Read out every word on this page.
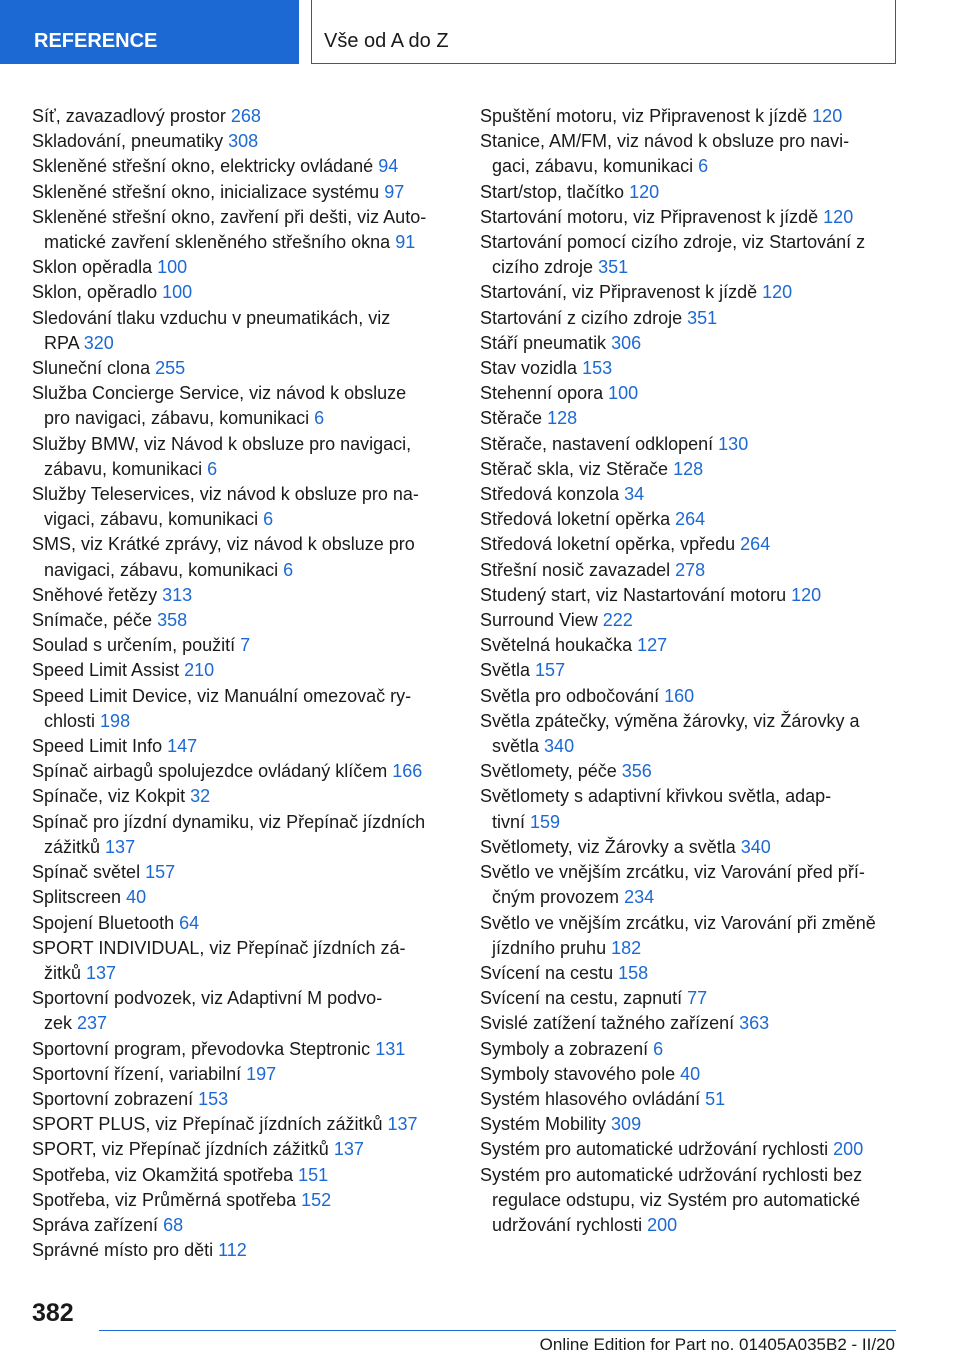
REFERENCE	Vše od A do Z
Síť, zavazadlový prostor 268
Skladování, pneumatiky 308
Skleněné střešní okno, elektricky ovládané 94
Skleněné střešní okno, inicializace systému 97
Skleněné střešní okno, zavření při dešti, viz Auto-
matické zavření skleněného střešního okna 91
Sklon opěradla 100
Sklon, opěradlo 100
Sledování tlaku vzduchu v pneumatikách, viz
RPA 320
Sluneční clona 255
Služba Concierge Service, viz návod k obsluze
pro navigaci, zábavu, komunikaci 6
Služby BMW, viz Návod k obsluze pro navigaci,
zábavu, komunikaci 6
Služby Teleservices, viz návod k obsluze pro na-
vigaci, zábavu, komunikaci 6
SMS, viz Krátké zprávy, viz návod k obsluze pro
navigaci, zábavu, komunikaci 6
Sněhové řetězy 313
Snímače, péče 358
Soulad s určením, použití 7
Speed Limit Assist 210
Speed Limit Device, viz Manuální omezovač ry-
chlosti 198
Speed Limit Info 147
Spínač airbagů spolujezdce ovládaný klíčem 166
Spínače, viz Kokpit 32
Spínač pro jízdní dynamiku, viz Přepínač jízdních
zážitků 137
Spínač světel 157
Splitscreen 40
Spojení Bluetooth 64
SPORT INDIVIDUAL, viz Přepínač jízdních zá-
žitků 137
Sportovní podvozek, viz Adaptivní M podvo-
zek 237
Sportovní program, převodovka Steptronic 131
Sportovní řízení, variabilní 197
Sportovní zobrazení 153
SPORT PLUS, viz Přepínač jízdních zážitků 137
SPORT, viz Přepínač jízdních zážitků 137
Spotřeba, viz Okamžitá spotřeba 151
Spotřeba, viz Průměrná spotřeba 152
Správa zařízení 68
Správné místo pro děti 112
Spuštění motoru, viz Připravenost k jízdě 120
Stanice, AM/FM, viz návod k obsluze pro navi-
gaci, zábavu, komunikaci 6
Start/stop, tlačítko 120
Startování motoru, viz Připravenost k jízdě 120
Startování pomocí cizího zdroje, viz Startování z
cizího zdroje 351
Startování, viz Připravenost k jízdě 120
Startování z cizího zdroje 351
Stáří pneumatik 306
Stav vozidla 153
Stehenní opora 100
Stěrače 128
Stěrače, nastavení odklopení 130
Stěrač skla, viz Stěrače 128
Středová konzola 34
Středová loketní opěrka 264
Středová loketní opěrka, vpředu 264
Střešní nosič zavazadel 278
Studený start, viz Nastartování motoru 120
Surround View 222
Světelná houkačka 127
Světla 157
Světla pro odbočování 160
Světla zpátečky, výměna žárovky, viz Žárovky a
světla 340
Světlomety, péče 356
Světlomety s adaptivní křivkou světla, adap-
tivní 159
Světlomety, viz Žárovky a světla 340
Světlo ve vnějším zrcátku, viz Varování před pří-
čným provozem 234
Světlo ve vnějším zrcátku, viz Varování při změně
jízdního pruhu 182
Svícení na cestu 158
Svícení na cestu, zapnutí 77
Svislé zatížení tažného zařízení 363
Symboly a zobrazení 6
Symboly stavového pole 40
Systém hlasového ovládání 51
Systém Mobility 309
Systém pro automatické udržování rychlosti 200
Systém pro automatické udržování rychlosti bez
regulace odstupu, viz Systém pro automatické
udržování rychlosti 200
382
Online Edition for Part no. 01405A035B2 - II/20
